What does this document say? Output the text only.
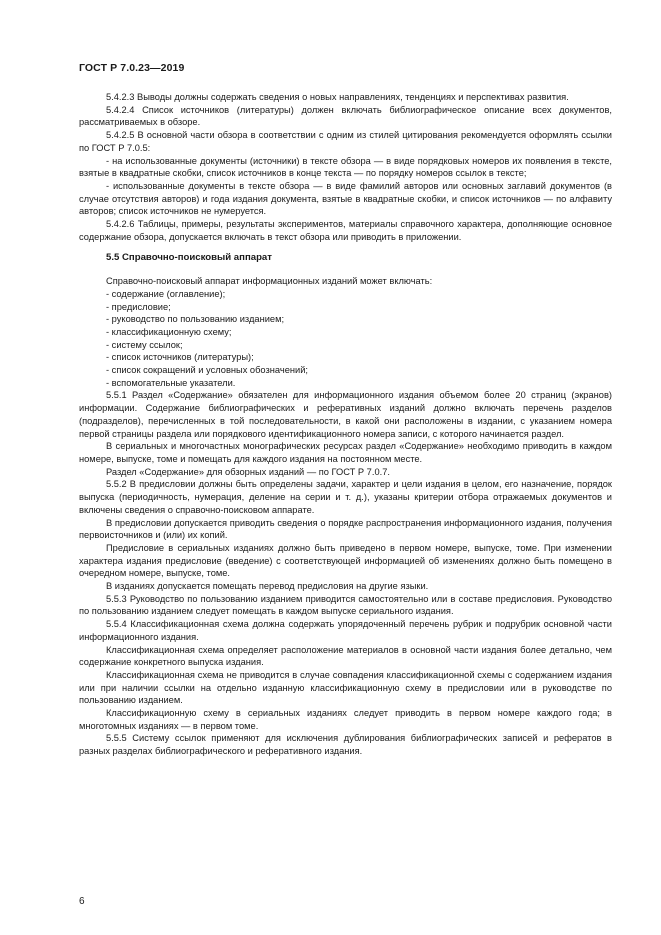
ГОСТ Р 7.0.23—2019

5.4.2.3 Выводы должны содержать сведения о новых направлениях, тенденциях и перспективах развития.

5.4.2.4 Список источников (литературы) должен включать библиографическое описание всех документов, рассматриваемых в обзоре.

5.4.2.5 В основной части обзора в соответствии с одним из стилей цитирования рекомендуется оформлять ссылки по ГОСТ Р 7.0.5:

- на использованные документы (источники) в тексте обзора — в виде порядковых номеров их появления в тексте, взятые в квадратные скобки, список источников в конце текста — по порядку номеров ссылок в тексте;

- использованные документы в тексте обзора — в виде фамилий авторов или основных заглавий документов (в случае отсутствия авторов) и года издания документа, взятые в квадратные скобки, и список источников — по алфавиту авторов; список источников не нумеруется.

5.4.2.6 Таблицы, примеры, результаты экспериментов, материалы справочного характера, дополняющие основное содержание обзора, допускается включать в текст обзора или приводить в приложении.

5.5 Справочно-поисковый аппарат

Справочно-поисковый аппарат информационных изданий может включать:

- содержание (оглавление);
- предисловие;
- руководство по пользованию изданием;
- классификационную схему;
- систему ссылок;
- список источников (литературы);
- список сокращений и условных обозначений;
- вспомогательные указатели.

5.5.1 Раздел «Содержание» обязателен для информационного издания объемом более 20 страниц (экранов) информации. Содержание библиографических и реферативных изданий должно включать перечень разделов (подразделов), перечисленных в той последовательности, в какой они расположены в издании, с указанием номера первой страницы раздела или порядкового идентификационного номера записи, с которого начинается раздел.

В сериальных и многочастных монографических ресурсах раздел «Содержание» необходимо приводить в каждом номере, выпуске, томе и помещать для каждого издания на постоянном месте.

Раздел «Содержание» для обзорных изданий — по ГОСТ Р 7.0.7.

5.5.2 В предисловии должны быть определены задачи, характер и цели издания в целом, его назначение, порядок выпуска (периодичность, нумерация, деление на серии и т. д.), указаны критерии отбора отражаемых документов и включены сведения о справочно-поисковом аппарате.

В предисловии допускается приводить сведения о порядке распространения информационного издания, получения первоисточников и (или) их копий.

Предисловие в сериальных изданиях должно быть приведено в первом номере, выпуске, томе. При изменении характера издания предисловие (введение) с соответствующей информацией об изменениях должно быть помещено в очередном номере, выпуске, томе.

В изданиях допускается помещать перевод предисловия на другие языки.

5.5.3 Руководство по пользованию изданием приводится самостоятельно или в составе предисловия. Руководство по пользованию изданием следует помещать в каждом выпуске сериального издания.

5.5.4 Классификационная схема должна содержать упорядоченный перечень рубрик и подрубрик основной части информационного издания.

Классификационная схема определяет расположение материалов в основной части издания более детально, чем содержание конкретного выпуска издания.

Классификационная схема не приводится в случае совпадения классификационной схемы с содержанием издания или при наличии ссылки на отдельно изданную классификационную схему в предисловии или в руководстве по пользованию изданием.

Классификационную схему в сериальных изданиях следует приводить в первом номере каждого года; в многотомных изданиях — в первом томе.

5.5.5 Систему ссылок применяют для исключения дублирования библиографических записей и рефератов в разных разделах библиографического и реферативного издания.

6
